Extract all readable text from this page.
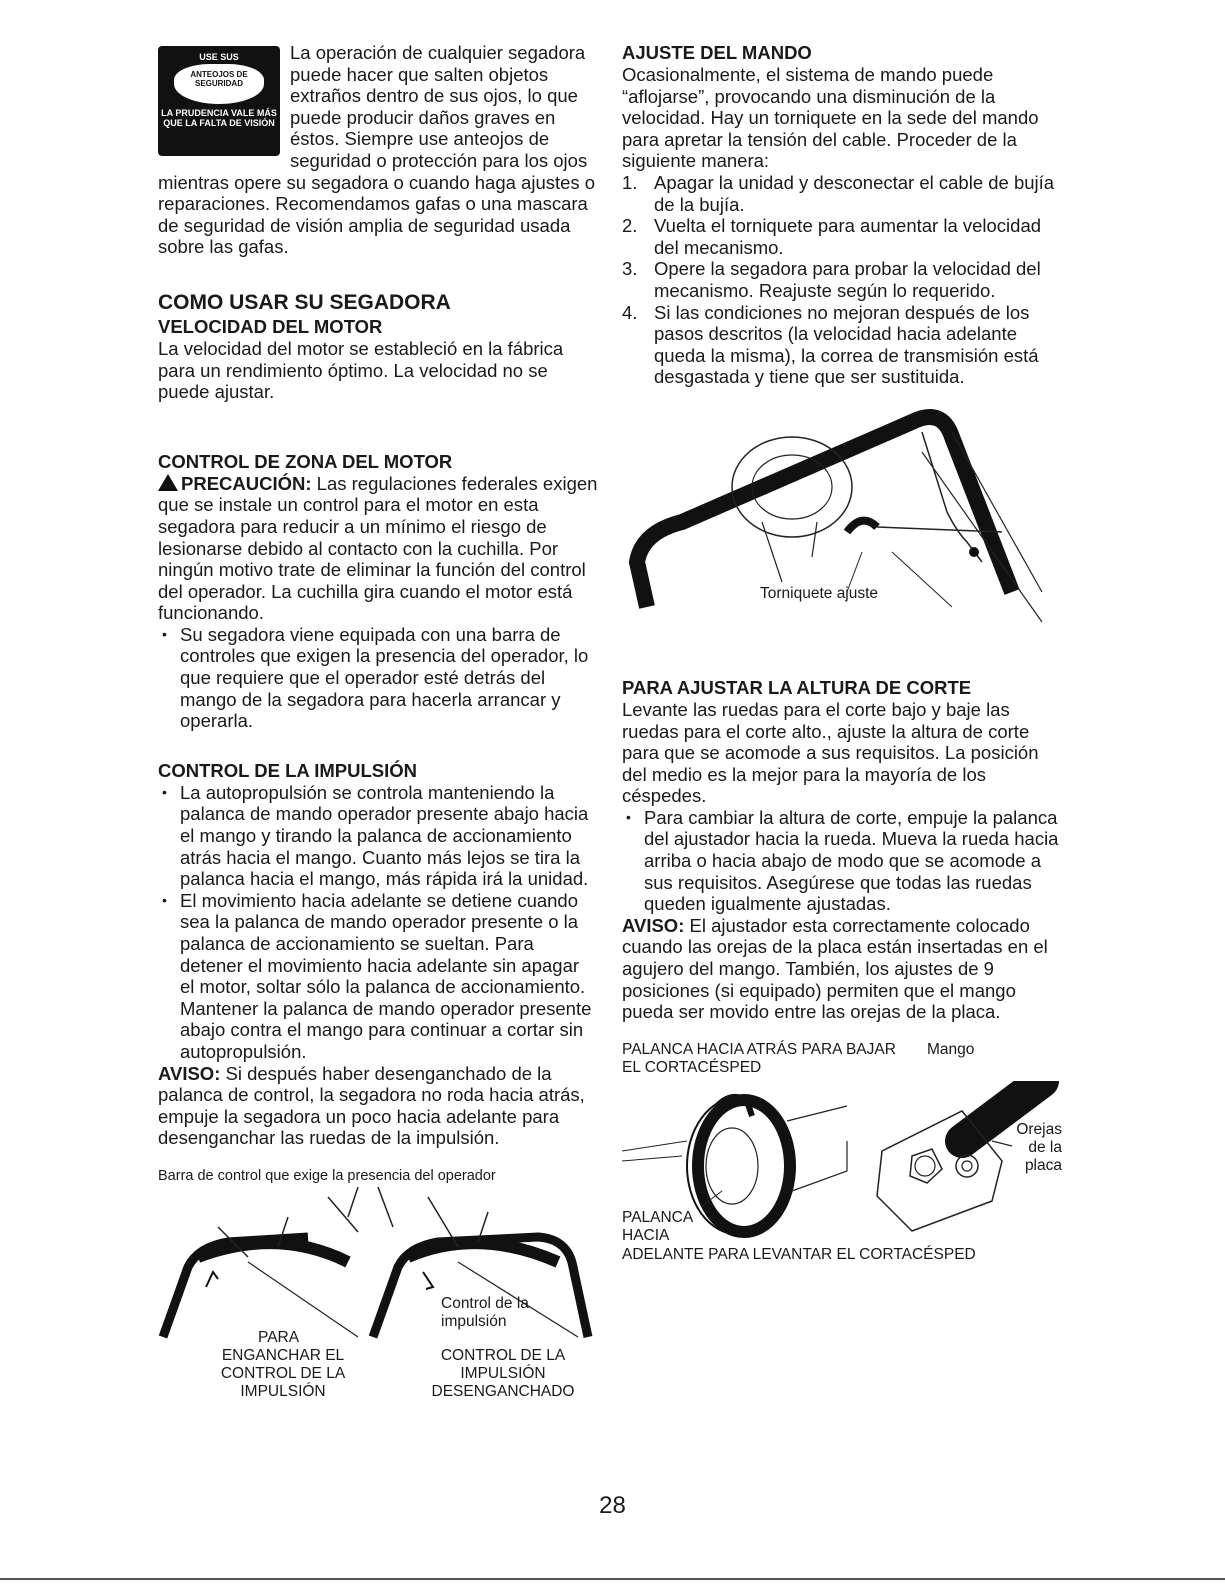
USE SUS
ANTEOJOS DE SEGURIDAD
LA PRUDENCIA VALE MÁS QUE LA FALTA DE VISIÓN

La operación de cualquier segadora puede hacer que salten objetos extraños dentro de sus ojos, lo que puede producir daños graves en éstos. Siempre use anteojos de seguridad o protección para los ojos mientras opere su segadora o cuando haga ajustes o reparaciones. Recomendamos gafas o una mascara de seguridad de visión amplia de seguridad usada sobre las gafas.

COMO USAR SU SEGADORA
VELOCIDAD DEL MOTOR

La velocidad del motor se estableció en la fábrica para un rendimiento óptimo. La velocidad no se puede ajustar.

CONTROL DE ZONA DEL MOTOR

PRECAUCIÓN: Las regulaciones federales exigen que se instale un control para el motor en esta segadora para reducir a un mínimo el riesgo de lesionarse debido al contacto con la cuchilla. Por ningún motivo trate de eliminar la función del control del operador. La cuchilla gira cuando el motor está funcionando.

• Su segadora viene equipada con una barra de controles que exigen la presencia del operador, lo que requiere que el operador esté detrás del mango de la segadora para hacerla arrancar y operarla.
CONTROL DE LA IMPULSIÓN
• La autopropulsión se controla manteniendo la palanca de mando operador presente abajo hacia el mango y tirando la palanca de accionamiento atrás hacia el mango. Cuanto más lejos se tira la palanca hacia el mango, más rápida irá la unidad.
• El movimiento hacia adelante se detiene cuando sea la palanca de mando operador presente o la palanca de accionamiento se sueltan. Para detener el movimiento hacia adelante sin apagar el motor, soltar sólo la palanca de accionamiento. Mantener la palanca de mando operador presente abajo contra el mango para continuar a cortar sin autopropulsión.

AVISO: Si después haber desenganchado de la palanca de control, la segadora no roda hacia atrás, empuje la segadora un poco hacia adelante para desenganchar las ruedas de la impulsión.

Barra de control que exige la presencia del operador
Control de la impulsión
PARA
ENGANCHAR EL CONTROL DE LA IMPULSIÓN
CONTROL DE LA IMPULSIÓN DESENGANCHADO
AJUSTE DEL MANDO

Ocasionalmente, el sistema de mando puede “aflojarse”, provocando una disminución de la velocidad. Hay un torniquete en la sede del mando para apretar la tensión del cable. Proceder de la siguiente manera:

1. Apagar la unidad y desconectar el cable de bujía de la bujía.
2. Vuelta el torniquete para aumentar la velocidad del mecanismo.
3. Opere la segadora para probar la velocidad del mecanismo. Reajuste según lo requerido.
4. Si las condiciones no mejoran después de los pasos descritos (la velocidad hacia adelante queda la misma), la correa de transmisión está desgastada y tiene que ser sustituida.
Torniquete ajuste
PARA AJUSTAR LA ALTURA DE CORTE

Levante las ruedas para el corte bajo y baje las ruedas para el corte alto., ajuste la altura de corte para que se acomode a sus requisitos. La posición del medio es la mejor para la mayoría de los céspedes.

• Para cambiar la altura de corte, empuje la palanca del ajustador hacia la rueda. Mueva la rueda hacia arriba o hacia abajo de modo que se acomode a sus requisitos. Asegúrese que todas las ruedas queden igualmente ajustadas.

AVISO: El ajustador esta correctamente colocado cuando las orejas de la placa están insertadas en el agujero del mango. También, los ajustes de 9 posiciones (si equipado) permiten que el mango pueda ser movido entre las orejas de la placa.

PALANCA HACIA ATRÁS PARA BAJAR EL CORTACÉSPED
Mango
Orejas de la placa
PALANCA HACIA
ADELANTE PARA LEVANTAR EL CORTACÉSPED
28
